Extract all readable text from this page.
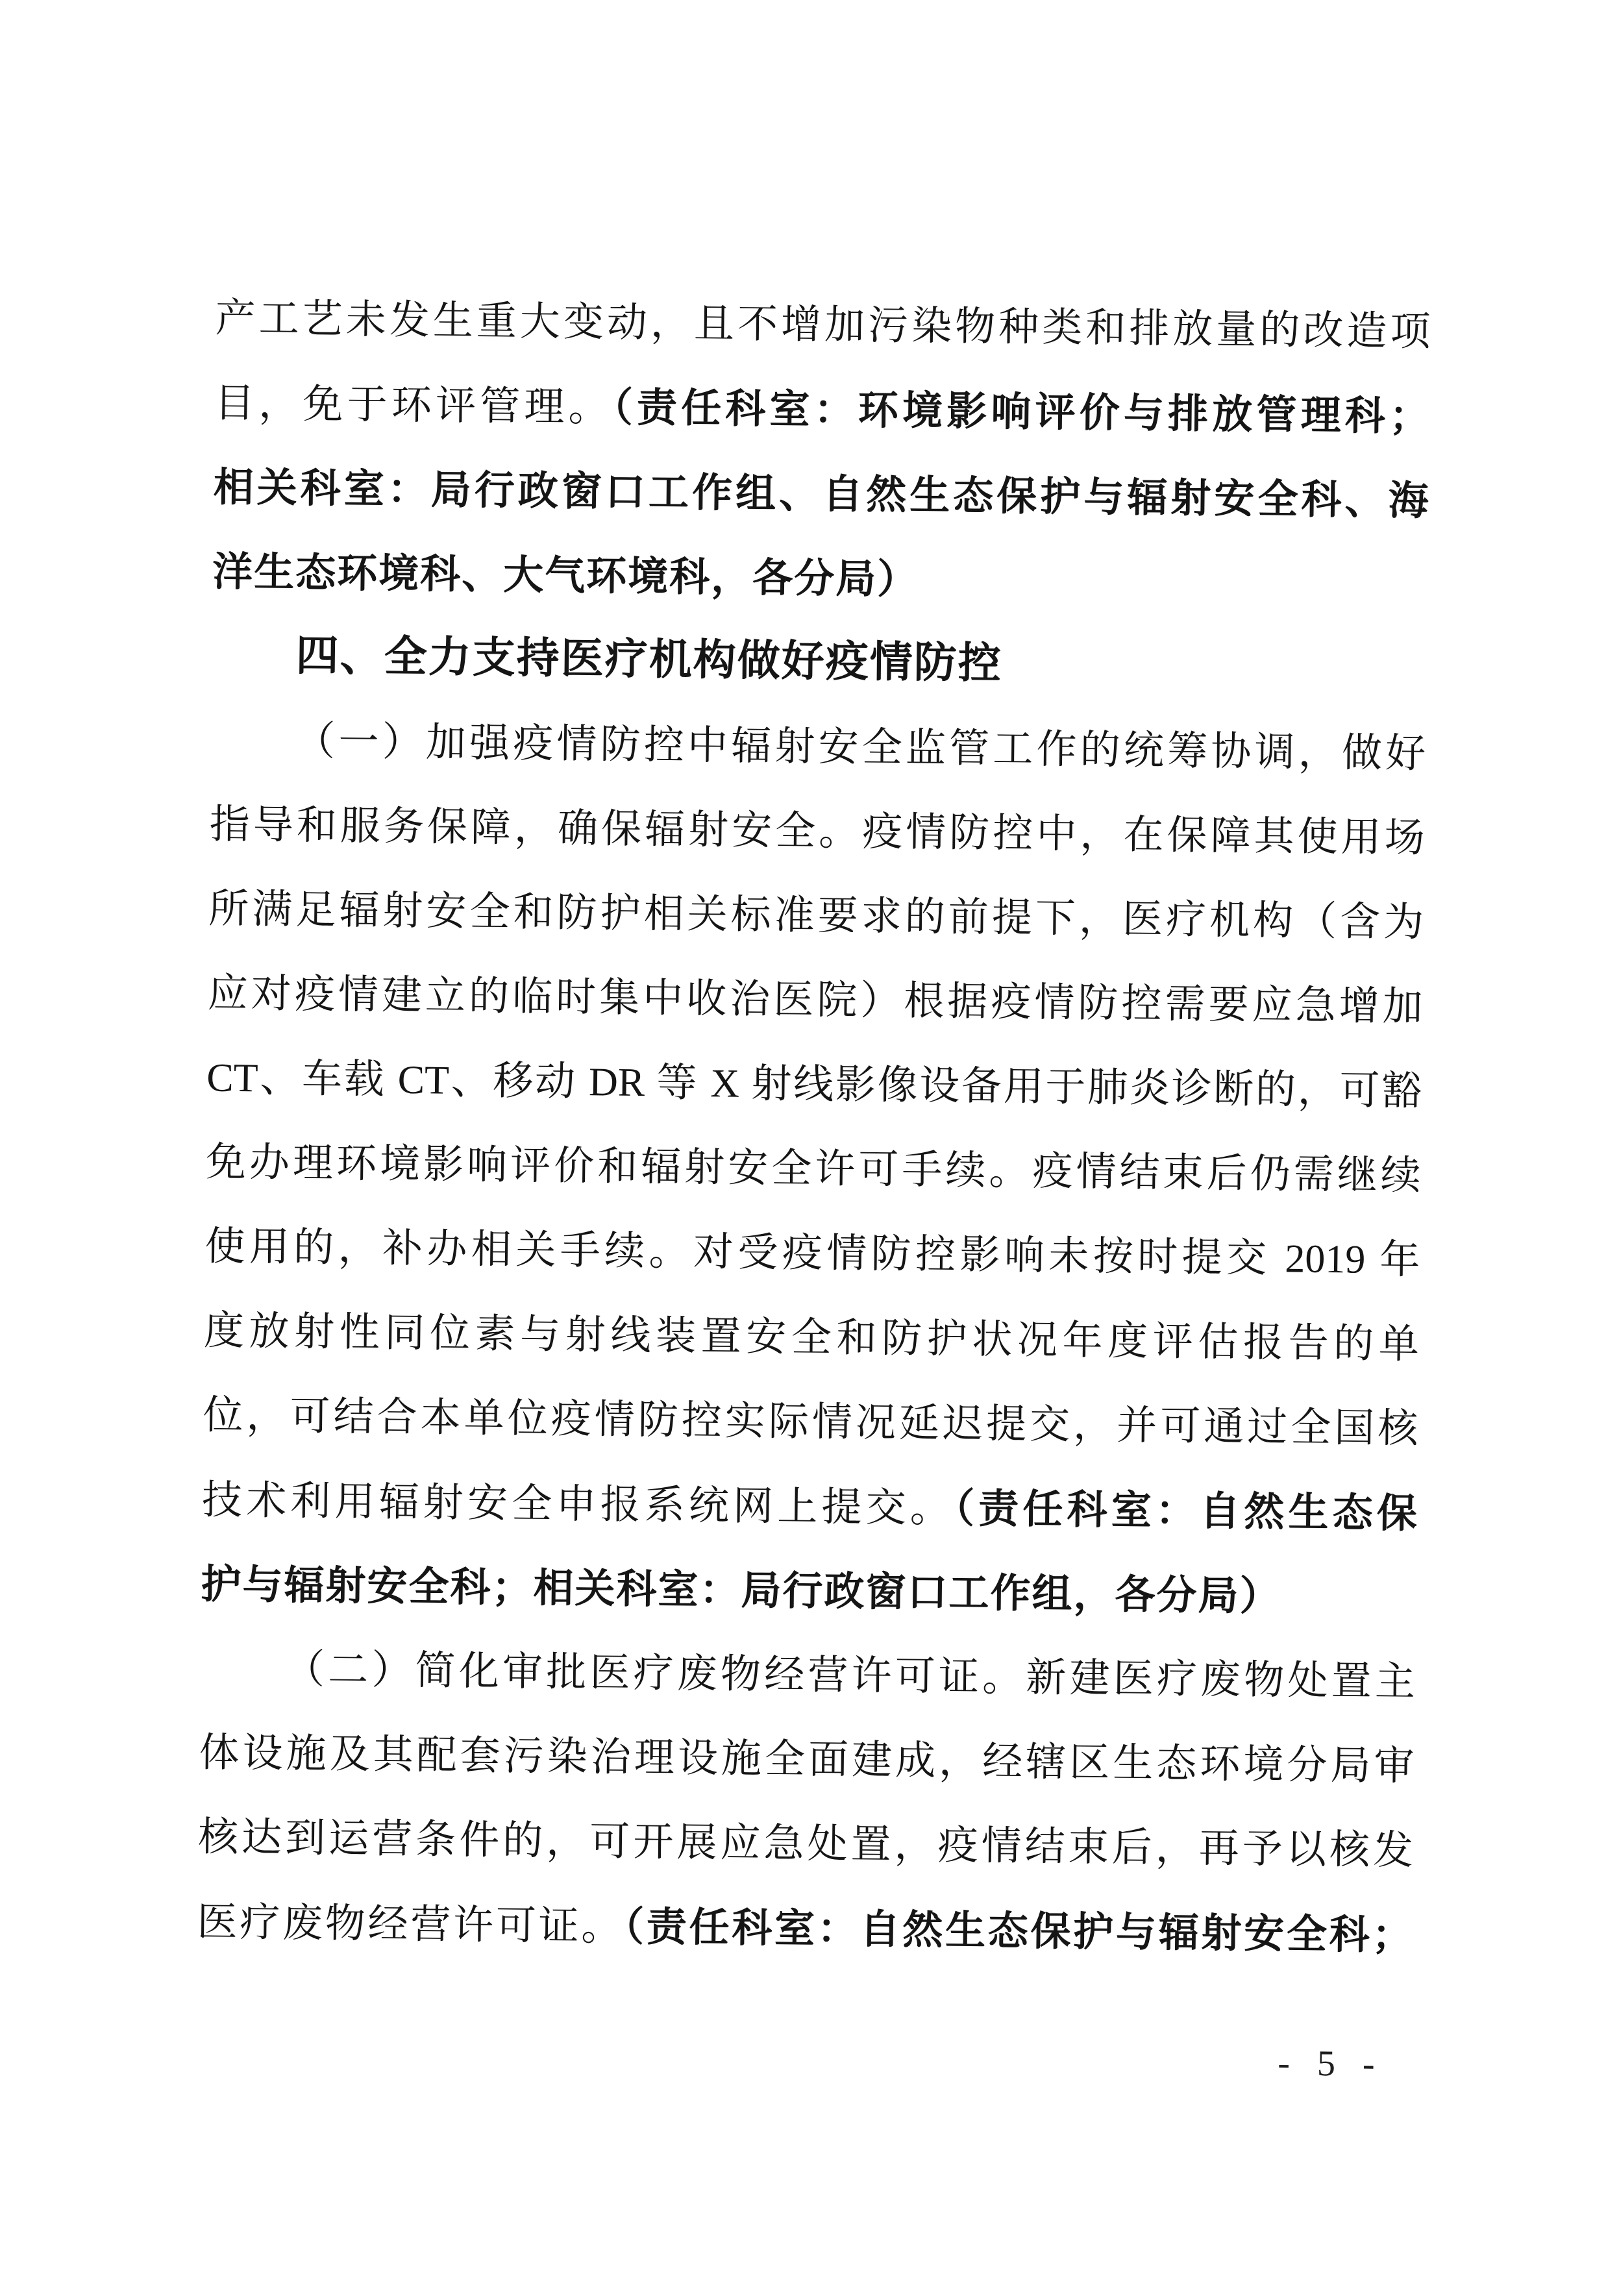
产工艺未发生重大变动，且不增加污染物种类和排放量的改造项
目，免于环评管理。（责任科室：环境影响评价与排放管理科；
相关科室：局行政窗口工作组、自然生态保护与辐射安全科、海
洋生态环境科、大气环境科，各分局）
四、全力支持医疗机构做好疫情防控
（一）加强疫情防控中辐射安全监管工作的统筹协调，做好
指导和服务保障，确保辐射安全。疫情防控中，在保障其使用场
所满足辐射安全和防护相关标准要求的前提下，医疗机构（含为
应对疫情建立的临时集中收治医院）根据疫情防控需要应急增加
CT、车载 CT、移动 DR 等 X 射线影像设备用于肺炎诊断的，可豁
免办理环境影响评价和辐射安全许可手续。疫情结束后仍需继续
使用的，补办相关手续。对受疫情防控影响未按时提交 2019 年
度放射性同位素与射线装置安全和防护状况年度评估报告的单
位，可结合本单位疫情防控实际情况延迟提交，并可通过全国核
技术利用辐射安全申报系统网上提交。（责任科室：自然生态保
护与辐射安全科；相关科室：局行政窗口工作组，各分局）
（二）简化审批医疗废物经营许可证。新建医疗废物处置主
体设施及其配套污染治理设施全面建成，经辖区生态环境分局审
核达到运营条件的，可开展应急处置，疫情结束后，再予以核发
医疗废物经营许可证。（责任科室：自然生态保护与辐射安全科；
- 5 -
